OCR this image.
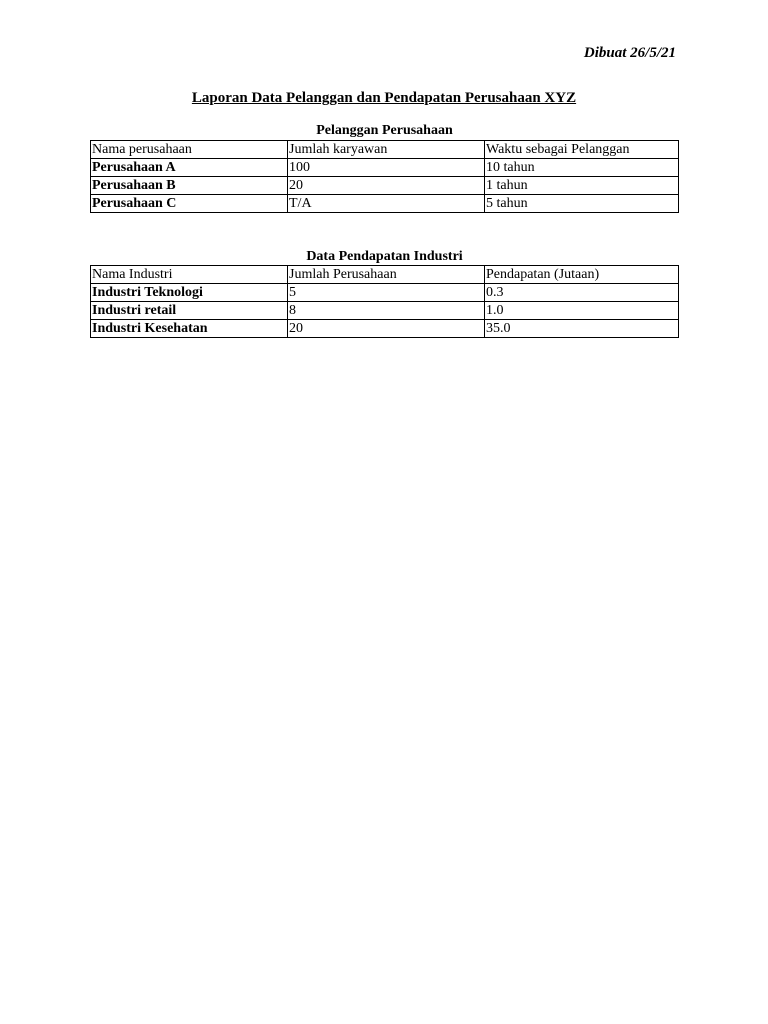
Dibuat 26/5/21
Laporan Data Pelanggan dan Pendapatan Perusahaan XYZ
Pelanggan Perusahaan
Nama perusahaan	Jumlah karyawan	Waktu sebagai Pelanggan
Perusahaan A	100	10 tahun
Perusahaan B	20	1 tahun
Perusahaan C	T/A	5 tahun
Data Pendapatan Industri
Nama Industri	Jumlah Perusahaan	Pendapatan (Jutaan)
Industri Teknologi	5	0.3
Industri retail	8	1.0
Industri Kesehatan	20	35.0
